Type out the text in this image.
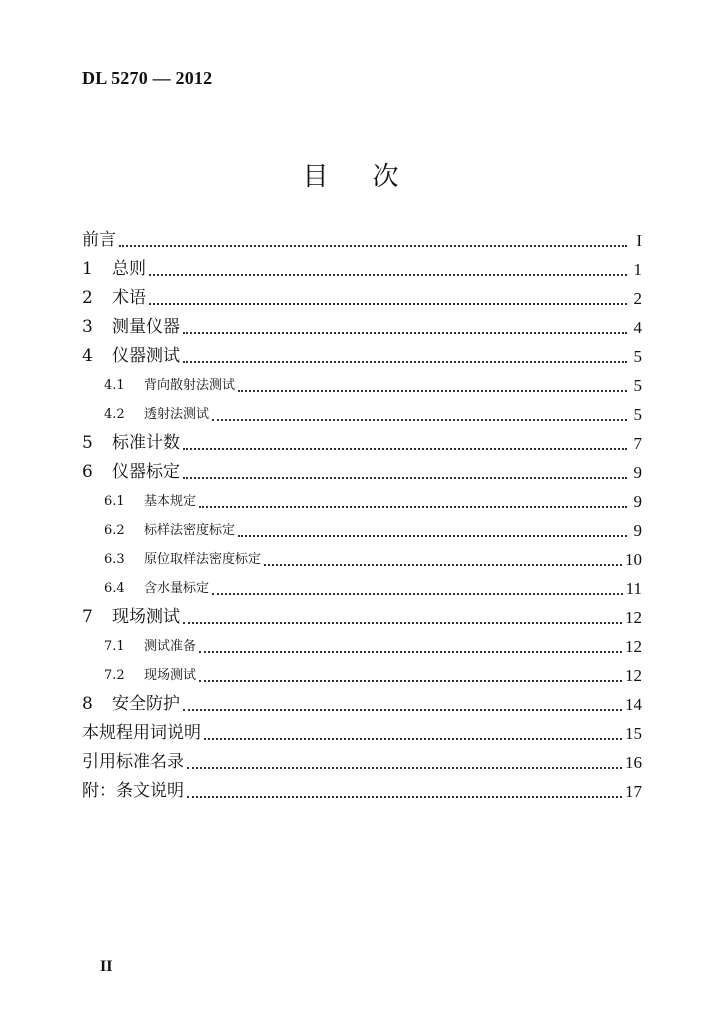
DL 5270 — 2012
目次
前言	I
1	总则	1
2	术语	2
3	测量仪器	4
4	仪器测试	5
4.1	背向散射法测试	5
4.2	透射法测试	5
5	标准计数	7
6	仪器标定	9
6.1	基本规定	9
6.2	标样法密度标定	9
6.3	原位取样法密度标定	10
6.4	含水量标定	11
7	现场测试	12
7.1	测试准备	12
7.2	现场测试	12
8	安全防护	14
本规程用词说明	15
引用标准名录	16
附：条文说明	17
II
